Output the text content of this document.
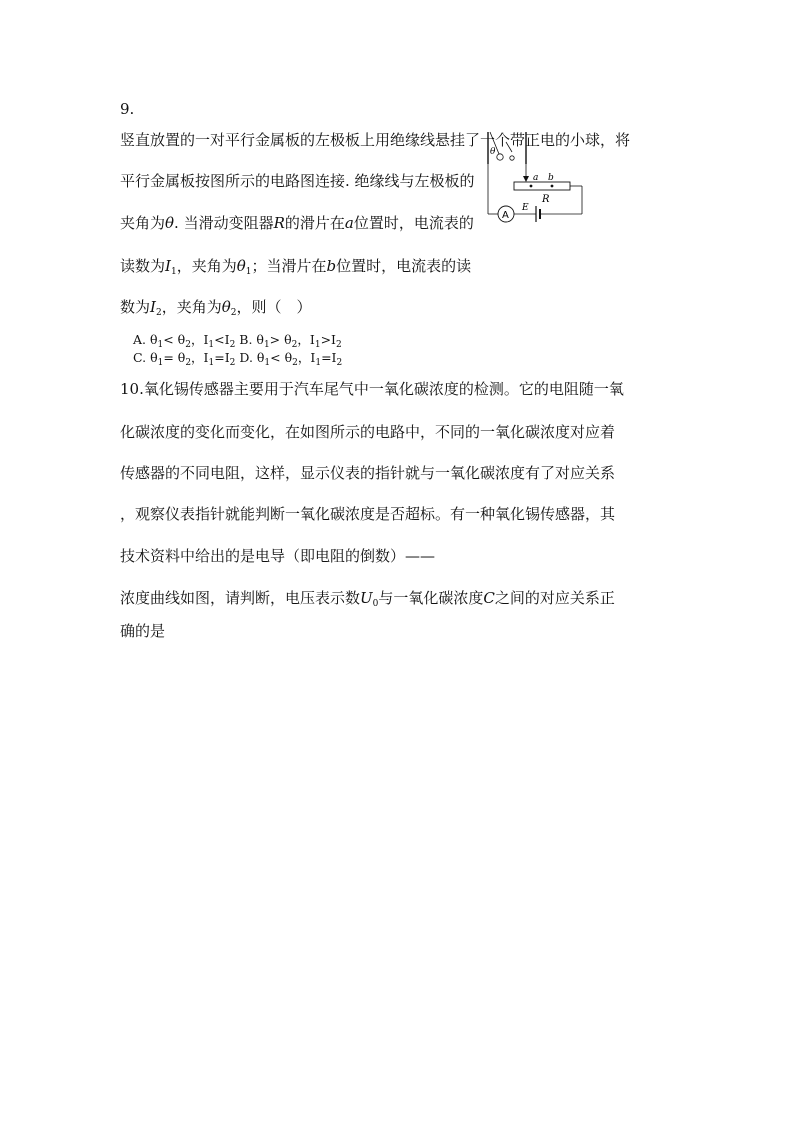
9.
竖直放置的一对平行金属板的左极板上用绝缘线悬挂了一个带正电的小球，将
平行金属板按图所示的电路图连接. 绝缘线与左极板的
夹角为θ. 当滑动变阻器R的滑片在a位置时，电流表的
读数为$I_1$，夹角为$\theta_1$；当滑片在b位置时，电流表的读
数为$I_2$，夹角为$\theta_2$，则（　）
A. $\theta_1< \theta_2$，$I_1<I_2$ B. $\theta_1> \theta_2$，$I_1>I_2$
C. $\theta_1= \theta_2$，$I_1=I_2$ D. $\theta_1< \theta_2$，$I_1=I_2$
θ
a b
R
A
E
10.氧化锡传感器主要用于汽车尾气中一氧化碳浓度的检测。它的电阻随一氧
化碳浓度的变化而变化，在如图所示的电路中，不同的一氧化碳浓度对应着
传感器的不同电阻，这样，显示仪表的指针就与一氧化碳浓度有了对应关系
，观察仪表指针就能判断一氧化碳浓度是否超标。有一种氧化锡传感器，其
技术资料中给出的是电导（即电阻的倒数）——
浓度曲线如图，请判断，电压表示数$U_0$与一氧化碳浓度C之间的对应关系正
确的是
